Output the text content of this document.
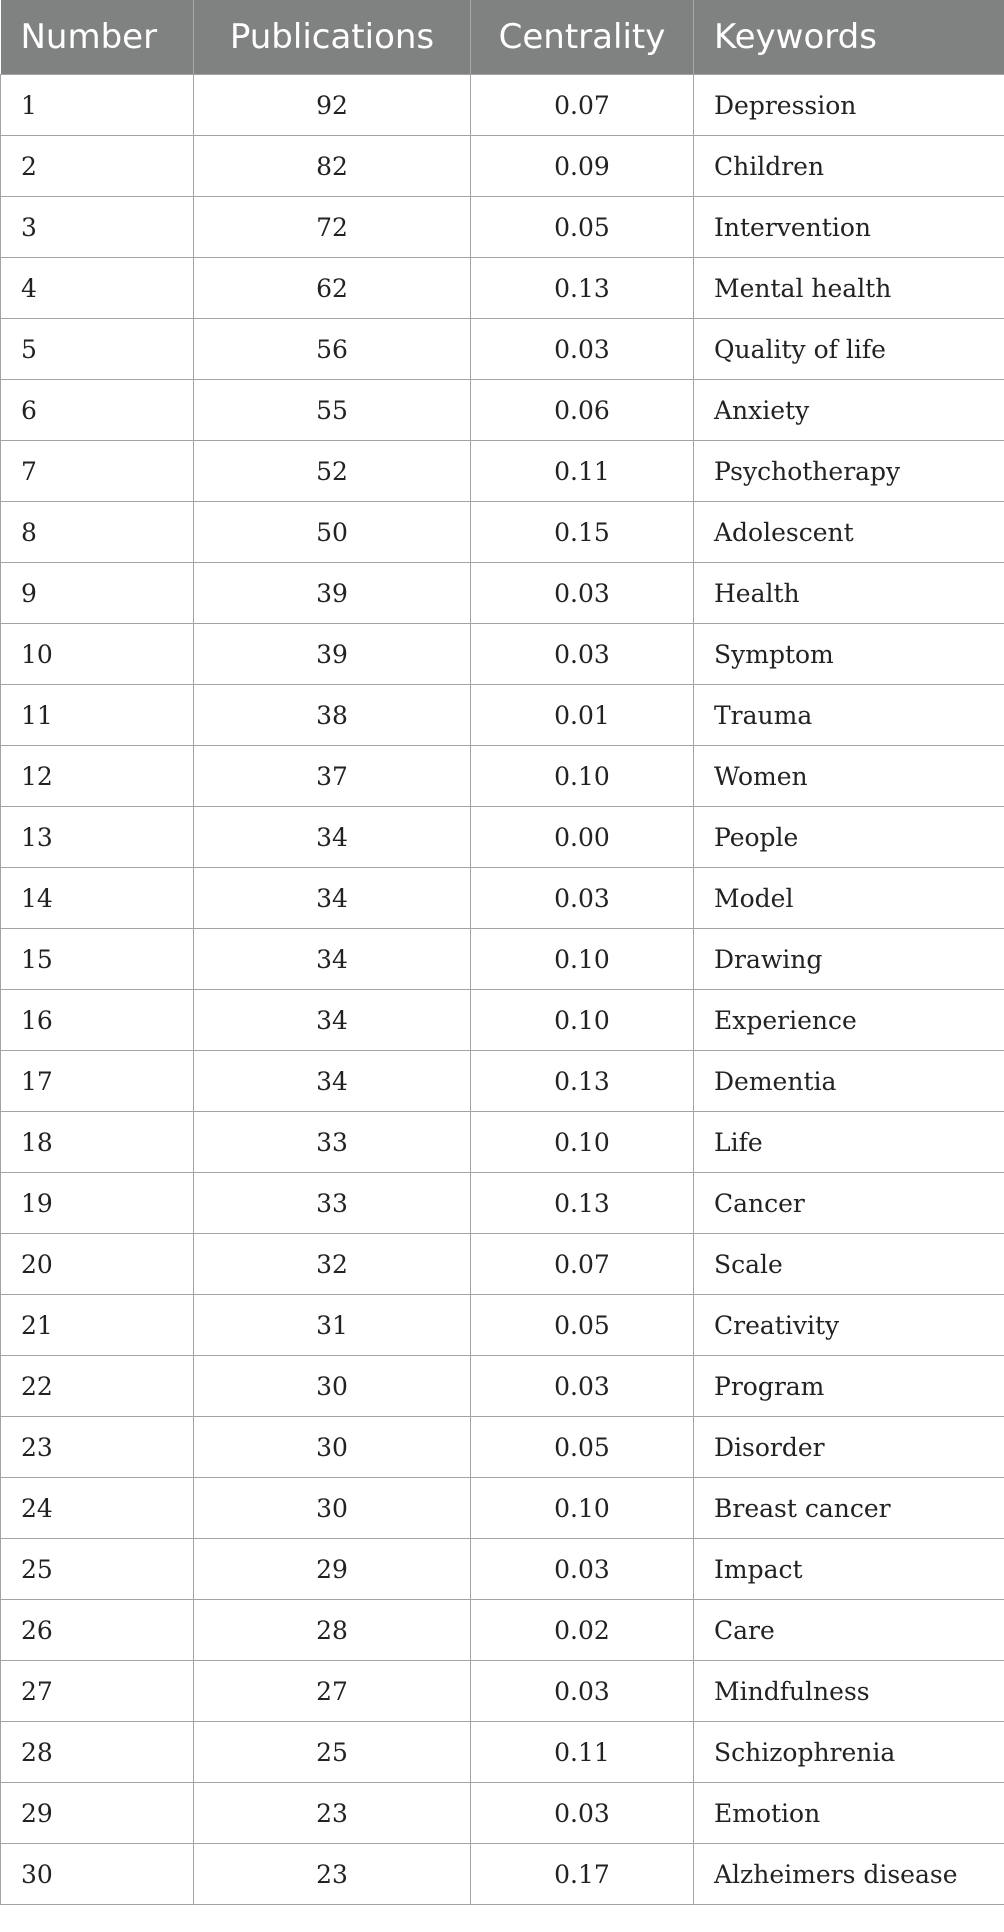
Number	Publications	Centrality	Keywords
1	92	0.07	Depression
2	82	0.09	Children
3	72	0.05	Intervention
4	62	0.13	Mental health
5	56	0.03	Quality of life
6	55	0.06	Anxiety
7	52	0.11	Psychotherapy
8	50	0.15	Adolescent
9	39	0.03	Health
10	39	0.03	Symptom
11	38	0.01	Trauma
12	37	0.10	Women
13	34	0.00	People
14	34	0.03	Model
15	34	0.10	Drawing
16	34	0.10	Experience
17	34	0.13	Dementia
18	33	0.10	Life
19	33	0.13	Cancer
20	32	0.07	Scale
21	31	0.05	Creativity
22	30	0.03	Program
23	30	0.05	Disorder
24	30	0.10	Breast cancer
25	29	0.03	Impact
26	28	0.02	Care
27	27	0.03	Mindfulness
28	25	0.11	Schizophrenia
29	23	0.03	Emotion
30	23	0.17	Alzheimers disease
